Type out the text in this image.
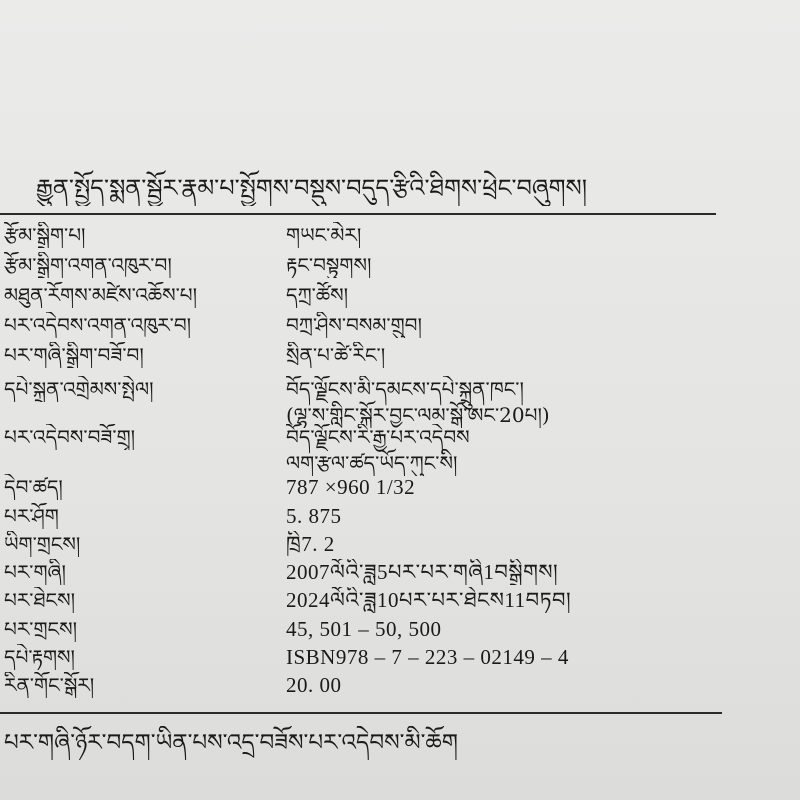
རྒྱུན་སྤྱོད་སྨན་སྦྱོར་རྣམ་པ་སྤྱོགས་བསྡུས་བདུད་རྩིའི་ཐིགས་ཕྲེང་བཞུགས།
རྩོམ་སྒྲིག་པ།	གཡང་མེར།
རྩོམ་སྒྲིག་འགན་འཁུར་བ།	རྟང་བསྟུགས།
མཐུན་རོགས་མཛེས་འཆོས་པ།	དཀྲ་ཚོས།
པར་འདེབས་འགན་འཁུར་བ།	བཀྲ་ཤིས་བསམ་གྲུབ།
པར་གཞི་སྒྲིག་བཟོ་བ།	སྲིན་པ་ཚེ་རིང་།
དཔེ་སྐྲུན་འགྲེམས་སྤེལ།	བོད་ལྗོངས་མི་དམངས་དཔེ་སྐྲུན་ཁང་།
(ལྷ་ས་གླིང་སྐོར་བྱང་ལམ་སྒོ་ཨང་20པ།)
པར་འདེབས་བཟོ་གྲྭ།	བོད་ལྗོངས་རི་རྒྱ་པར་འདེབས
ལག་རྩལ་ཚད་ཡོད་ཀུང་སི།
དེབ་ཚད།	787 ×960 1/32
པར་ཤོག	5. 875
ཡིག་གྲངས།	ཁྲི7. 2
པར་གཞི།	2007ལོའི་ཟླ5པར་པར་གཞི1བསྒྲིགས།
པར་ཐེངས།	2024ལོའི་ཟླ10པར་པར་ཐེངས11བཏབ།
པར་གྲངས།	45, 501 – 50, 500
དཔེ་རྟགས།	ISBN978 – 7 – 223 – 02149 – 4
རིན་གོང་སྒོར།	20. 00
པར་གཞི་ཉོར་བདག་ཡིན་པས་འདྲ་བཟོས་པར་འདེབས་མི་ཆོག
